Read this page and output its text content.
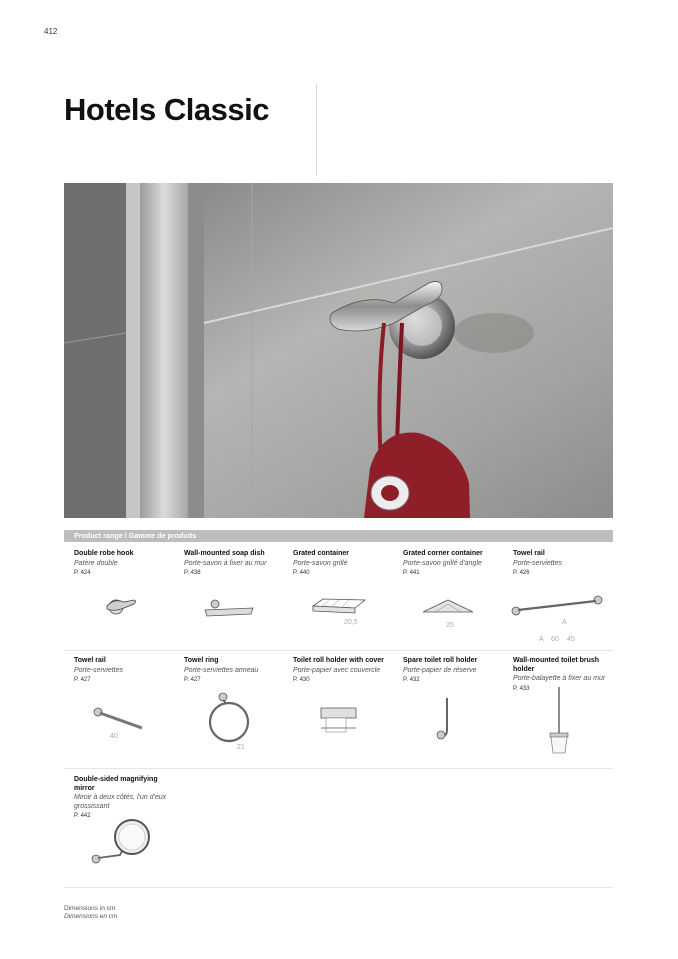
412
Hotels Classic
Product range / Gamme de produits
Double robe hook
Patère double
P. 424
Wall-mounted soap dish
Porte-savon à fixer au mur
P. 438
Grated container
Porte-savon grillé
P. 440
20,5
Grated corner container
Porte-savon grillé d'angle
P. 441
25
Towel rail
Porte-serviettes
P. 426
A
A 60 45
Towel rail
Porte-serviettes
P. 427
40
Towel ring
Porte-serviettes anneau
P. 427
21
Toilet roll holder with cover
Porte-papier avec couvercle
P. 430
Spare toilet roll holder
Porte-papier de réserve
P. 432
Wall-mounted toilet brush holder
Porte-balayette à fixer au mur
P. 433
Double-sided magnifying mirror
Miroir à deux côtés, l'un d'eux grossissant
P. 442
Dimensions in cm
Dimensions en cm
